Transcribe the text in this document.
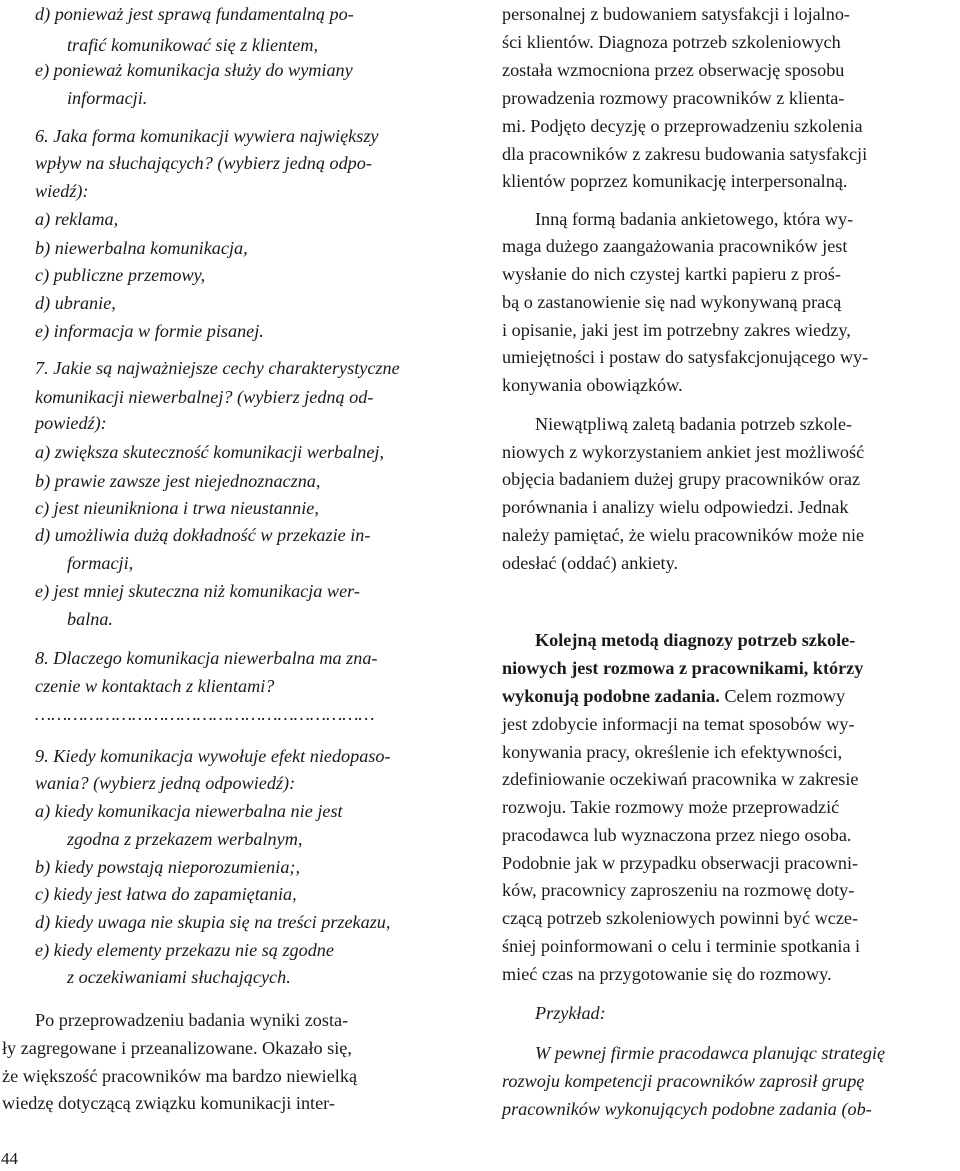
d) ponieważ jest sprawą fundamentalną po-
trafić komunikować się z klientem,
e) ponieważ komunikacja służy do wymiany
informacji.
6. Jaka forma komunikacji wywiera największy
wpływ na słuchających? (wybierz jedną odpo-
wiedź):
a) reklama,
b) niewerbalna komunikacja,
c) publiczne przemowy,
d) ubranie,
e) informacja w formie pisanej.
7. Jakie są najważniejsze cechy charakterystyczne
komunikacji niewerbalnej? (wybierz jedną od-
powiedź):
a) zwiększa skuteczność komunikacji werbalnej,
b) prawie zawsze jest niejednoznaczna,
c) jest nieunikniona i trwa nieustannie,
d) umożliwia dużą dokładność w przekazie in-
formacji,
e) jest mniej skuteczna niż komunikacja wer-
balna.
8. Dlaczego komunikacja niewerbalna ma zna-
czenie w kontaktach z klientami?
………………………………………………………
9. Kiedy komunikacja wywołuje efekt niedopaso-
wania? (wybierz jedną odpowiedź):
a) kiedy komunikacja niewerbalna nie jest
zgodna z przekazem werbalnym,
b) kiedy powstają nieporozumienia;,
c) kiedy jest łatwa do zapamiętania,
d) kiedy uwaga nie skupia się na treści przekazu,
e) kiedy elementy przekazu nie są zgodne
z oczekiwaniami słuchających.
Po przeprowadzeniu badania wyniki zosta-
ły zagregowane i przeanalizowane. Okazało się,
że większość pracowników ma bardzo niewielką
wiedzę dotyczącą związku komunikacji inter-
personalnej z budowaniem satysfakcji i lojalno-
ści klientów. Diagnoza potrzeb szkoleniowych
została wzmocniona przez obserwację sposobu
prowadzenia rozmowy pracowników z klienta-
mi. Podjęto decyzję o przeprowadzeniu szkolenia
dla pracowników z zakresu budowania satysfakcji
klientów poprzez komunikację interpersonalną.
Inną formą badania ankietowego, która wy-
maga dużego zaangażowania pracowników jest
wysłanie do nich czystej kartki papieru z proś-
bą o zastanowienie się nad wykonywaną pracą
i opisanie, jaki jest im potrzebny zakres wiedzy,
umiejętności i postaw do satysfakcjonującego wy-
konywania obowiązków.
Niewątpliwą zaletą badania potrzeb szkole-
niowych z wykorzystaniem ankiet jest możliwość
objęcia badaniem dużej grupy pracowników oraz
porównania i analizy wielu odpowiedzi. Jednak
należy pamiętać, że wielu pracowników może nie
odesłać (oddać) ankiety.
Kolejną metodą diagnozy potrzeb szkole-
niowych jest rozmowa z pracownikami, którzy
wykonują podobne zadania. Celem rozmowy
jest zdobycie informacji na temat sposobów wy-
konywania pracy, określenie ich efektywności,
zdefiniowanie oczekiwań pracownika w zakresie
rozwoju. Takie rozmowy może przeprowadzić
pracodawca lub wyznaczona przez niego osoba.
Podobnie jak w przypadku obserwacji pracowni-
ków, pracownicy zaproszeniu na rozmowę doty-
czącą potrzeb szkoleniowych powinni być wcze-
śniej poinformowani o celu i terminie spotkania i
mieć czas na przygotowanie się do rozmowy.
Przykład:
W pewnej firmie pracodawca planując strategię
rozwoju kompetencji pracowników zaprosił grupę
pracowników wykonujących podobne zadania (ob-
44
